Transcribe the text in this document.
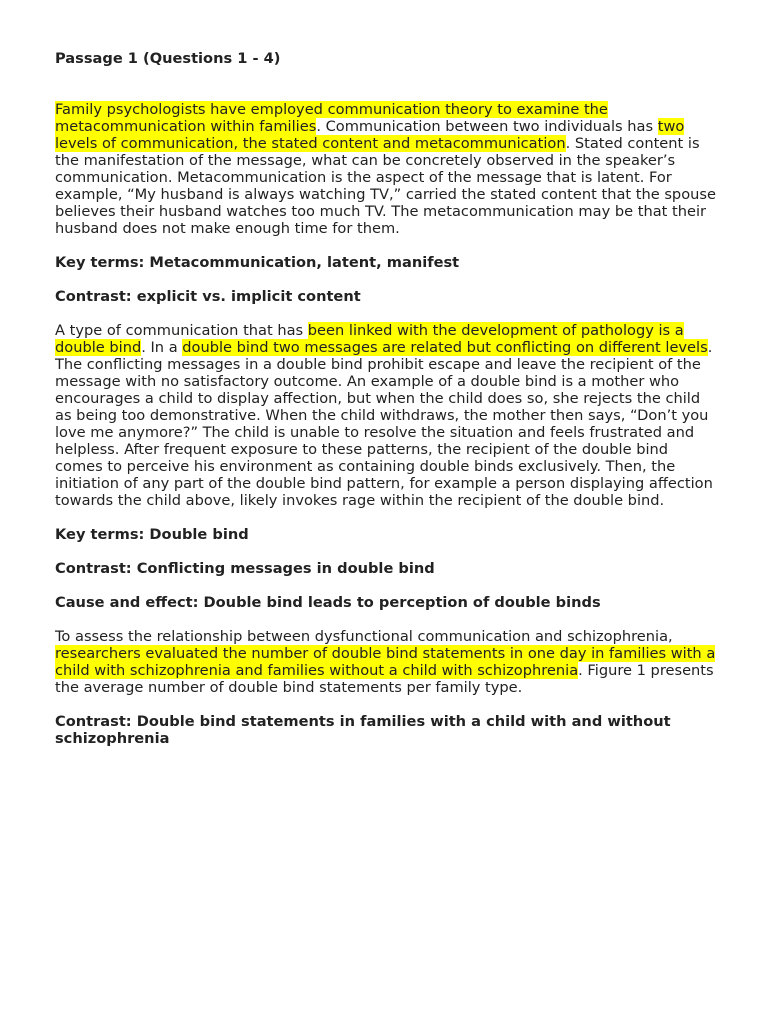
Passage 1 (Questions 1 - 4)

Family psychologists have employed communication theory to examine the metacommunication within families. Communication between two individuals has two levels of communication, the stated content and metacommunication. Stated content is the manifestation of the message, what can be concretely observed in the speaker’s communication. Metacommunication is the aspect of the message that is latent. For example, “My husband is always watching TV,” carried the stated content that the spouse believes their husband watches too much TV. The metacommunication may be that their husband does not make enough time for them.

Key terms: Metacommunication, latent, manifest

Contrast: explicit vs. implicit content

A type of communication that has been linked with the development of pathology is a double bind. In a double bind two messages are related but conflicting on different levels. The conflicting messages in a double bind prohibit escape and leave the recipient of the message with no satisfactory outcome. An example of a double bind is a mother who encourages a child to display affection, but when the child does so, she rejects the child as being too demonstrative. When the child withdraws, the mother then says, “Don’t you love me anymore?” The child is unable to resolve the situation and feels frustrated and helpless. After frequent exposure to these patterns, the recipient of the double bind comes to perceive his environment as containing double binds exclusively. Then, the initiation of any part of the double bind pattern, for example a person displaying affection towards the child above, likely invokes rage within the recipient of the double bind.

Key terms: Double bind

Contrast: Conflicting messages in double bind

Cause and effect: Double bind leads to perception of double binds

To assess the relationship between dysfunctional communication and schizophrenia, researchers evaluated the number of double bind statements in one day in families with a child with schizophrenia and families without a child with schizophrenia. Figure 1 presents the average number of double bind statements per family type.

Contrast: Double bind statements in families with a child with and without schizophrenia
